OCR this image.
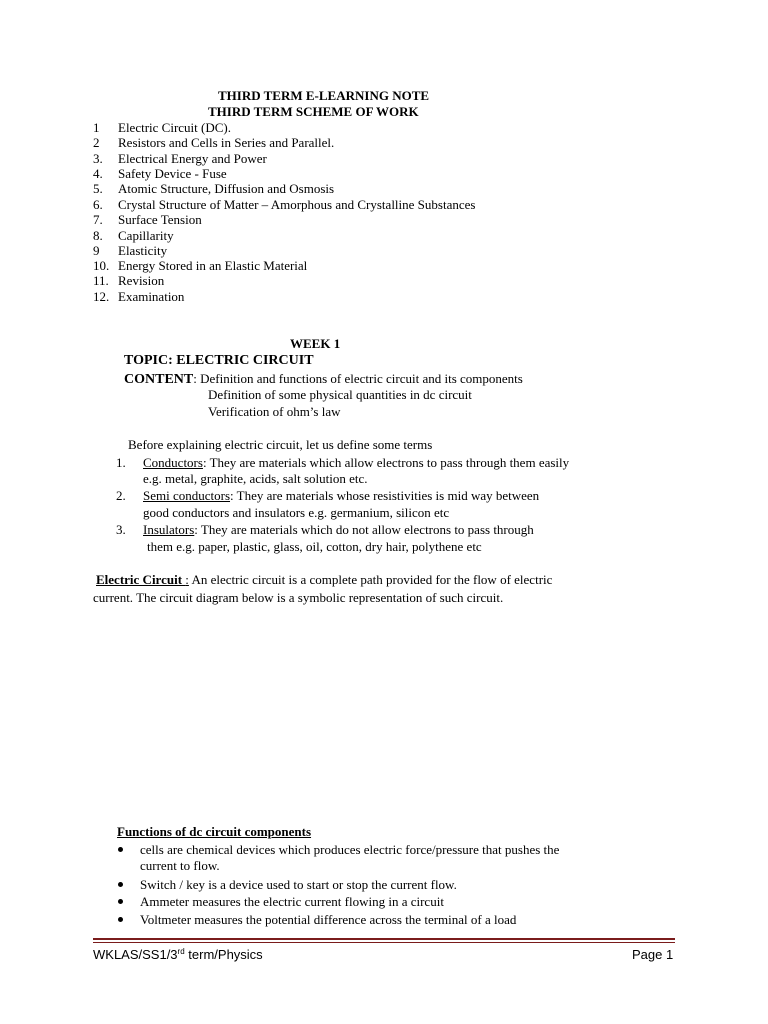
THIRD TERM E-LEARNING NOTE
THIRD TERM SCHEME OF WORK
1 Electric Circuit (DC).
2 Resistors and Cells in Series and Parallel.
3. Electrical Energy and Power
4. Safety Device - Fuse
5. Atomic Structure, Diffusion and Osmosis
6. Crystal Structure of Matter – Amorphous and Crystalline Substances
7. Surface Tension
8. Capillarity
9 Elasticity
10. Energy Stored in an Elastic Material
11. Revision
12. Examination
WEEK 1
TOPIC: ELECTRIC CIRCUIT
CONTENT: Definition and functions of electric circuit and its components
Definition of some physical quantities in dc circuit
Verification of ohm’s law
Before explaining electric circuit, let us define some terms
1. Conductors: They are materials which allow electrons to pass through them easily
e.g. metal, graphite, acids, salt solution etc.
2. Semi conductors: They are materials whose resistivities is mid way between
good conductors and insulators e.g. germanium, silicon etc
3. Insulators: They are materials which do not allow electrons to pass through
them e.g. paper, plastic, glass, oil, cotton, dry hair, polythene etc
Electric Circuit : An electric circuit is a complete path provided for the flow of electric
current. The circuit diagram below is a symbolic representation of such circuit.
Functions of dc circuit components
cells are chemical devices which produces electric force/pressure that pushes the
current to flow.
Switch / key is a device used to start or stop the current flow.
Ammeter measures the electric current flowing in a circuit
Voltmeter measures the potential difference across the terminal of a load
WKLAS/SS1/3rd term/Physics	Page 1
